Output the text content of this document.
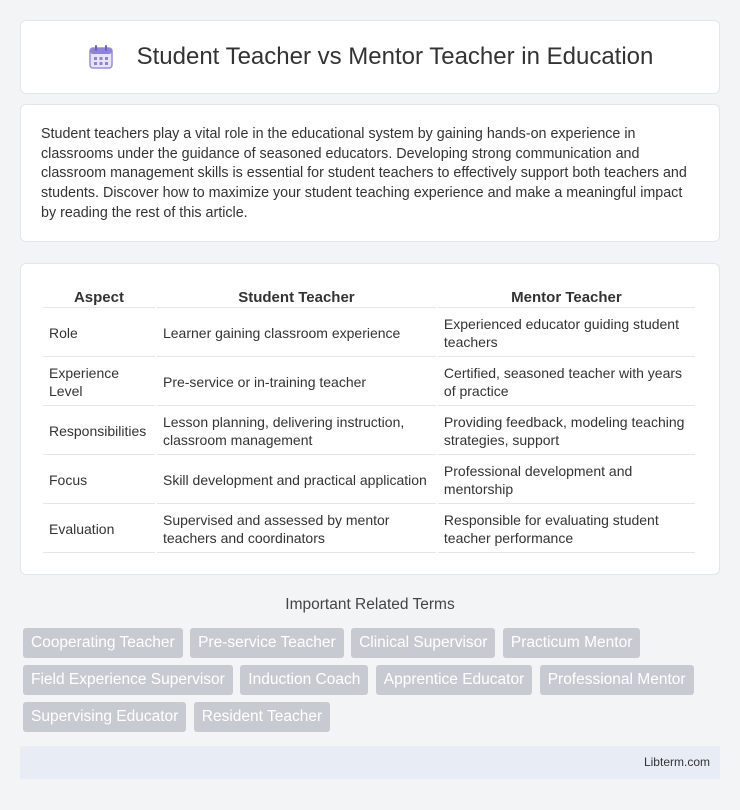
Student Teacher vs Mentor Teacher in Education

Student teachers play a vital role in the educational system by gaining hands-on experience in classrooms under the guidance of seasoned educators. Developing strong communication and classroom management skills is essential for student teachers to effectively support both teachers and students. Discover how to maximize your student teaching experience and make a meaningful impact by reading the rest of this article.

Aspect	Student Teacher	Mentor Teacher
Role	Learner gaining classroom experience	Experienced educator guiding student teachers
Experience Level	Pre-service or in-training teacher	Certified, seasoned teacher with years of practice
Responsibilities	Lesson planning, delivering instruction, classroom management	Providing feedback, modeling teaching strategies, support
Focus	Skill development and practical application	Professional development and mentorship
Evaluation	Supervised and assessed by mentor teachers and coordinators	Responsible for evaluating student teacher performance
Important Related Terms
Cooperating Teacher Pre-service Teacher Clinical Supervisor Practicum Mentor Field Experience Supervisor Induction Coach Apprentice Educator Professional Mentor Supervising Educator Resident Teacher
Libterm.com
